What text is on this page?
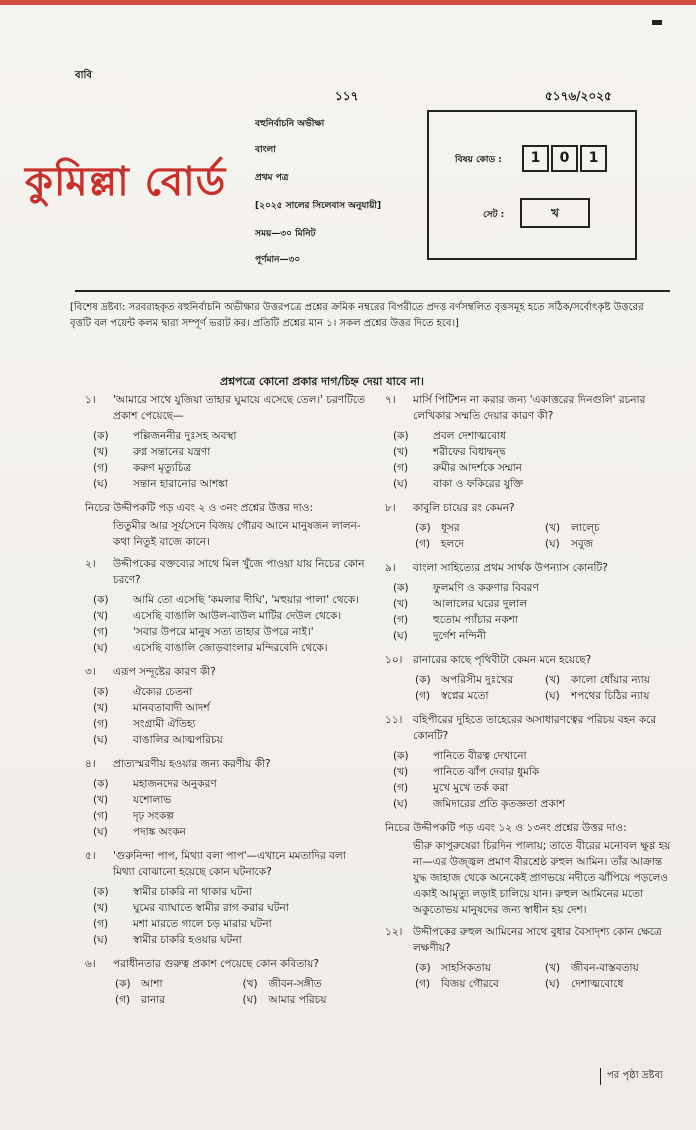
বাবি
১১৭	৫১৭৬/২০২৫
কুমিল্লা বোর্ড
বহুনির্বাচনি অভীক্ষা
বাংলা
প্রথম পত্র
[২০২৫ সালের সিলেবাস অনুযায়ী]
সময়—৩০ মিনিট
পূর্ণমান—৩০
বিষয় কোড :	1	0	1
সেট :	খ
[বিশেষ দ্রষ্টব্য: সরবরাহকৃত বহুনির্বাচনি অভীক্ষার উত্তরপত্রে প্রশ্নের ক্রমিক নম্বরের বিপরীতে প্রদত্ত বর্ণসম্বলিত বৃত্তসমূহ হতে সঠিক/সর্বোৎকৃষ্ট উত্তরের বৃত্তটি বল পয়েন্ট কলম দ্বারা সম্পূর্ণ ভরাট কর। প্রতিটি প্রশ্নের মান ১। সকল প্রশ্নের উত্তর দিতে হবে।]
প্রশ্নপত্রে কোনো প্রকার দাগ/চিহ্ন দেয়া যাবে না।
১। 'আমারে সাথে যুজিয়া তাহার ঘুমায়ে এসেছে তেল।' চরণটিতে প্রকাশ পেয়েছে—
(ক) পল্লিজননীর দুঃসহ অবস্থা
(খ) রুগ্ন সন্তানের যন্ত্রণা
(গ) করুণ মৃত্যুচিত্র
(ঘ) সন্তান হারানোর আশঙ্কা
নিচের উদ্দীপকটি পড় এবং ২ ও ৩নং প্রশ্নের উত্তর দাও:
তিতুমীর আর সূর্যসেনে বিজয় গৌরব আনে মানুষজন লালন-কথা নিতুই বাজে কানে।
২। উদ্দীপকের বক্তব্যের সাথে মিল খুঁজে পাওয়া যায় নিচের কোন চরণে?
(ক) আমি তো এসেছি 'কমলার দীঘি', 'মহুয়ার পালা' থেকে।
(খ) এসেছি বাঙালি আউল-বাউল মাটির দেউল থেকে।
(গ) 'সবার উপরে মানুষ সত্য তাহার উপরে নাই।'
(ঘ) এসেছি বাঙালি জোড়বাংলার মন্দিরবেদি থেকে।
৩। এরূপ সন্দূষ্টের কারণ কী?
(ক) ঐক্যের চেতনা
(খ) মানবতাবাদী আদর্শ
(গ) সংগ্রামী ঐতিহ্য
(ঘ) বাঙালির আত্মপরিচয়
৪। প্রাত্যস্মরণীয় হওয়ার জন্য করণীয় কী?
(ক) মহাজনদের অনুকরণ
(খ) যশোলাভ
(গ) দৃঢ় সংকল্প
(ঘ) পদাঙ্ক অংকন
৫। 'গুরুনিন্দা পাপ, মিথ্যা বলা পাপ'—এখানে মমতাদির বলা মিথ্যা বোঝানো হয়েছে কোন ঘটনাকে?
(ক) স্বামীর চাকরি না থাকার ঘটনা
(খ) ঘুমের ব্যাঘাতে স্বামীর রাগ করার ঘটনা
(গ) মশা মারতে গালে চড় মারার ঘটনা
(ঘ) স্বামীর চাকরি হওয়ার ঘটনা
৬। পরাধীনতার গুরুত্ব প্রকাশ পেয়েছে কোন কবিতায়?
(ক) আশা	(খ) জীবন-সঙ্গীত
(গ) রানার	(ঘ) আমার পরিচয়
৭। মার্সি পিটিশন না করার জন্য 'একাত্তরের দিনগুলি' রচনার লেখিকার সম্মতি দেয়ার কারণ কী?
(ক) প্রবল দেশাত্মবোধ
(খ) শরীফের বিধাদ্বন্দ্ব
(গ) রুমীর আদর্শকে সম্মান
(ঘ) বাকা ও ফকিরের যুক্তি
৮। কাবুলি চায়ের রং কেমন?
(ক) ধূসর	(খ) লাল্চে
(গ) হলদে	(ঘ) সবুজ
৯। বাংলা সাহিত্যের প্রথম সার্থক উপন্যাস কোনটি?
(ক) ফুলমণি ও করুণার বিবরণ
(খ) আলালের ঘরের দুলাল
(গ) হুতোম প্যাঁচার নকশা
(ঘ) দুর্গেশ নন্দিনী
১০। রানারের কাছে পৃথিবীটা কেমন মনে হয়েছে?
(ক) অপরিসীম দুঃখের	(খ) কালো ধোঁয়ার ন্যায়
(গ) স্বপ্নের মতো	(ঘ) শপথের চিঠির ন্যায়
১১। বহিপীরের দুহিতে তাহেরের অসাধারণত্বের পরিচয় বহন করে কোনটি?
(ক) পানিতে বীরত্ব দেখানো
(খ) পানিতে ঝাঁপ দেবার ধুমকি
(গ) মুখে মুখে তর্ক করা
(ঘ) জমিদারের প্রতি কৃতজ্ঞতা প্রকাশ
নিচের উদ্দীপকটি পড় এবং ১২ ও ১৩নং প্রশ্নের উত্তর দাও:
ভীরু কাপুরুষেরা চিরদিন পালায়; তাতে বীরের মনোবল ক্ষুণ্ণ হয় না—এর উজ্জ্বল প্রমাণ বীরশ্রেষ্ঠ রুহুল আমিন। তাঁর আক্রান্ত যুদ্ধ জাহাজ থেকে অনেকেই প্রাণভয়ে নদীতে ঝাঁপিয়ে পড়লেও একাই আমৃত্যু লড়াই চালিয়ে যান। রুহুল আমিনের মতো অকুতোভয় মানুষদের জন্য স্বাধীন হয় দেশ।
১২। উদ্দীপকের রুহুল আমিনের সাথে বুধার বৈসাদৃশ্য কোন ক্ষেত্রে লক্ষণীয়?
(ক) সাহসিকতায়	(খ) জীবন-বাস্তবতায়
(গ) বিজয় গৌরবে	(ঘ) দেশাত্মবোধে
পর পৃষ্ঠা দ্রষ্টব্য
